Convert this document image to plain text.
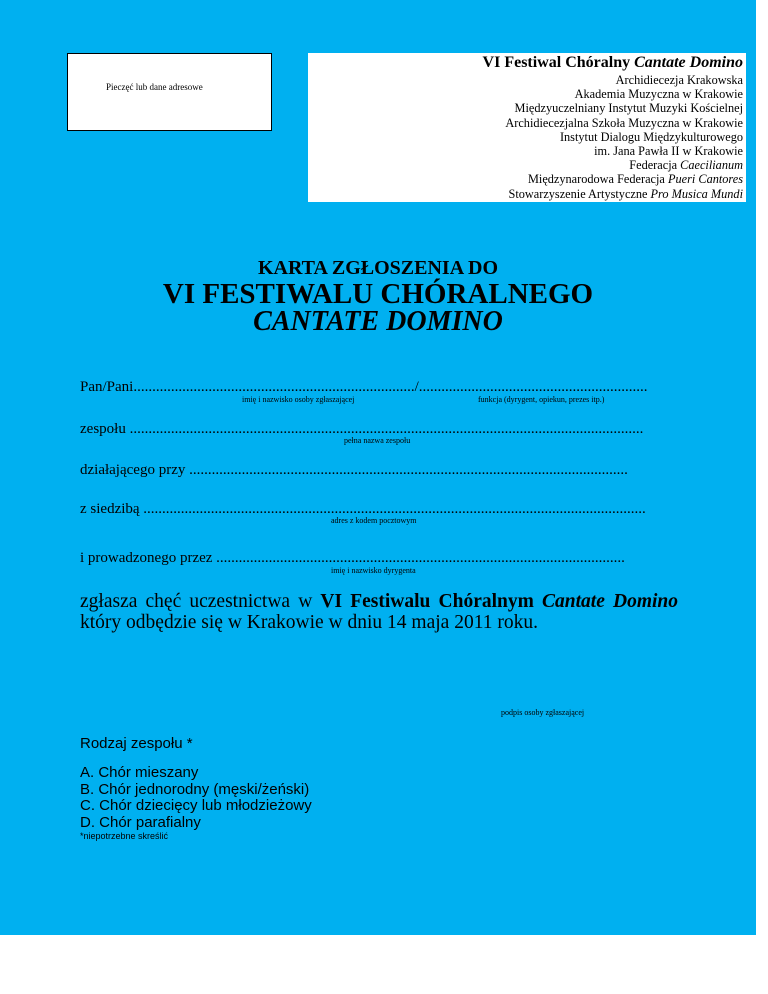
Pieczęć lub dane adresowe
VI Festiwal Chóralny Cantate Domino
Archidiecezja Krakowska
Akademia Muzyczna w Krakowie
Międzyuczelniany Instytut Muzyki Kościelnej
Archidiecezjalna Szkoła Muzyczna w Krakowie
Instytut Dialogu Międzykulturowego
im. Jana Pawła II w Krakowie
Federacja Caecilianum
Międzynarodowa Federacja Pueri Cantores
Stowarzyszenie Artystyczne Pro Musica Mundi
KARTA ZGŁOSZENIA DO
VI FESTIWALU CHÓRALNEGO
CANTATE DOMINO
Pan/Pani.........................................................................../.............................................................
imię i nazwisko osoby zgłaszającej	funkcja (dyrygent, opiekun, prezes itp.)
zespołu .........................................................................................................................................
pełna nazwa zespołu
działającego przy .....................................................................................................................
z siedzibą ......................................................................................................................................
adres z kodem pocztowym
i prowadzonego przez .............................................................................................................
imię i nazwisko dyrygenta
zgłasza chęć uczestnictwa w VI Festiwalu Chóralnym Cantate Domino
który odbędzie się w Krakowie w dniu 14 maja 2011 roku.
podpis osoby zgłaszającej
Rodzaj zespołu *
A. Chór mieszany
B. Chór jednorodny (męski/żeński)
C. Chór dziecięcy lub młodzieżowy
D. Chór parafialny
*niepotrzebne skreślić
